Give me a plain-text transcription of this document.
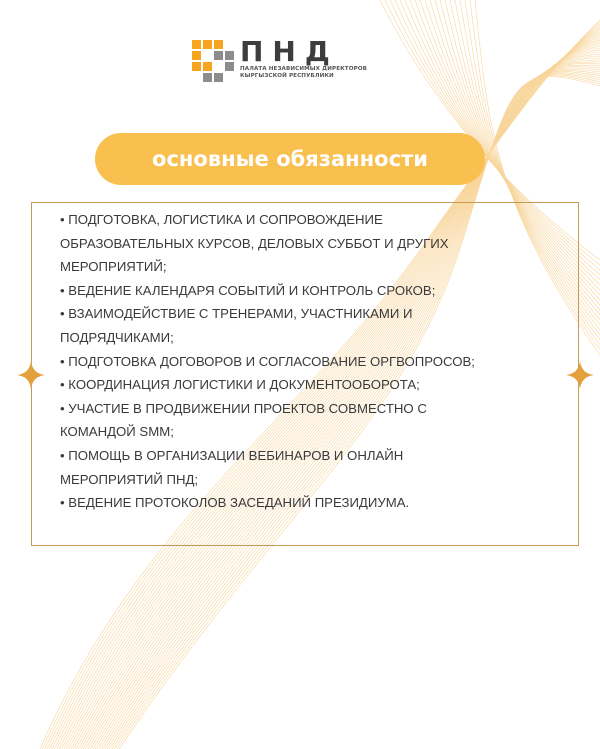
ПНД
ПАЛАТА НЕЗАВИСИМЫХ ДИРЕКТОРОВ
КЫРГЫЗСКОЙ РЕСПУБЛИКИ
основные обязанности
• ПОДГОТОВКА, ЛОГИСТИКА И СОПРОВОЖДЕНИЕ
ОБРАЗОВАТЕЛЬНЫХ КУРСОВ, ДЕЛОВЫХ СУББОТ И ДРУГИХ
МЕРОПРИЯТИЙ;
• ВЕДЕНИЕ КАЛЕНДАРЯ СОБЫТИЙ И КОНТРОЛЬ СРОКОВ;
• ВЗАИМОДЕЙСТВИЕ С ТРЕНЕРАМИ, УЧАСТНИКАМИ И
ПОДРЯДЧИКАМИ;
• ПОДГОТОВКА ДОГОВОРОВ И СОГЛАСОВАНИЕ ОРГВОПРОСОВ;
• КООРДИНАЦИЯ ЛОГИСТИКИ И ДОКУМЕНТООБОРОТА;
• УЧАСТИЕ В ПРОДВИЖЕНИИ ПРОЕКТОВ СОВМЕСТНО С
КОМАНДОЙ SMM;
• ПОМОЩЬ В ОРГАНИЗАЦИИ ВЕБИНАРОВ И ОНЛАЙН
МЕРОПРИЯТИЙ ПНД;
• ВЕДЕНИЕ ПРОТОКОЛОВ ЗАСЕДАНИЙ ПРЕЗИДИУМА.
